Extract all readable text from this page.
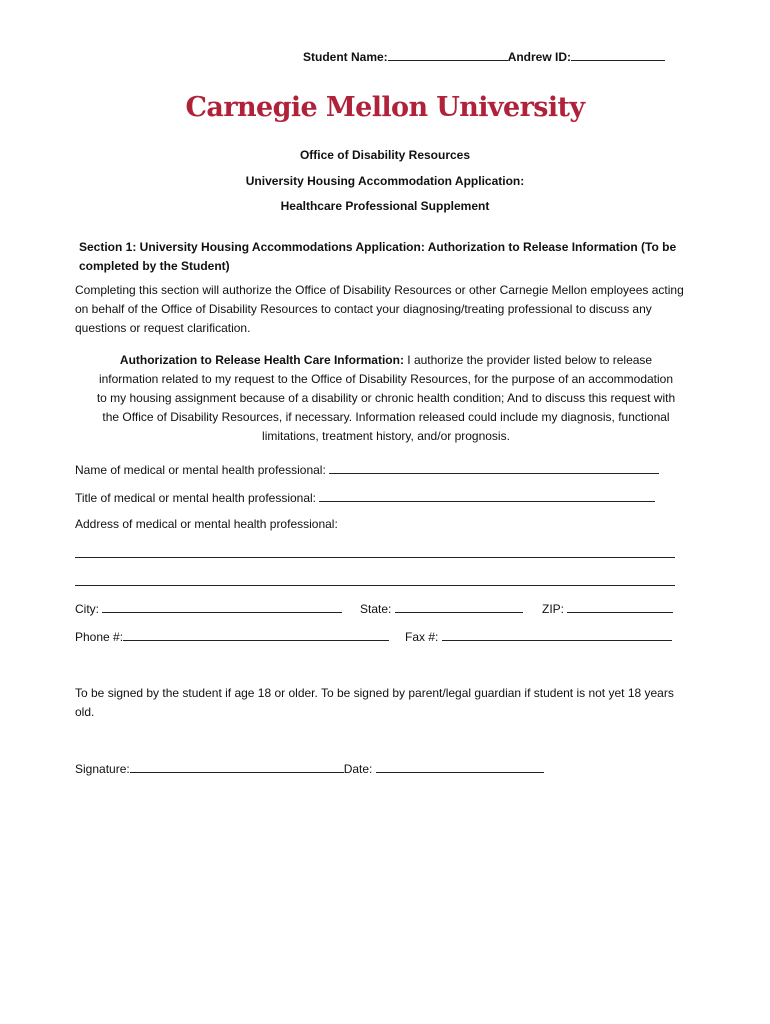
Student Name:	Andrew ID:
Carnegie Mellon University
Office of Disability Resources
University Housing Accommodation Application:
Healthcare Professional Supplement
Section 1: University Housing Accommodations Application: Authorization to Release Information (To be completed by the Student)
Completing this section will authorize the Office of Disability Resources or other Carnegie Mellon employees acting on behalf of the Office of Disability Resources to contact your diagnosing/treating professional to discuss any questions or request clarification.
Authorization to Release Health Care Information: I authorize the provider listed below to release information related to my request to the Office of Disability Resources, for the purpose of an accommodation to my housing assignment because of a disability or chronic health condition; And to discuss this request with the Office of Disability Resources, if necessary. Information released could include my diagnosis, functional limitations, treatment history, and/or prognosis.
Name of medical or mental health professional:
Title of medical or mental health professional:
Address of medical or mental health professional:
City:	State:	ZIP:
Phone #:	Fax #:
To be signed by the student if age 18 or older. To be signed by parent/legal guardian if student is not yet 18 years old.
Signature:	Date:
